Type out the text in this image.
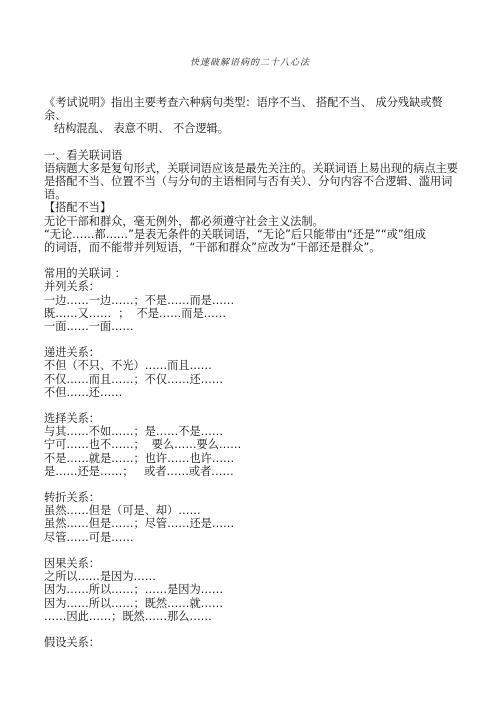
快速破解语病的二十八心法

《考试说明》指出主要考查六种病句类型：语序不当、 搭配不当、 成分残缺或赘余、

结构混乱、 表意不明、 不合逻辑。

一、看关联词语

语病题大多是复句形式，关联词语应该是最先关注的。关联词语上易出现的病点主要

是搭配不当、位置不当（与分句的主语相同与否有关）、分句内容不合逻辑、滥用词

语。

【搭配不当】

无论干部和群众，毫无例外，都必须遵守社会主义法制。

“无论……都……”是表无条件的关联词语，“无论”后只能带由“还是”“或”组成

的词语，而不能带并列短语，“干部和群众”应改为“干部还是群众”。

常用的关联词 ：

并列关系：

一边……一边……；不是……而是……

既……又……  ；  不是……而是……

一面……一面……

递进关系：

不但（不只、不光）……而且……

不仅……而且……；不仅……还……

不但……还……

选择关系：

与其……不如……；是……不是……

宁可……也不……；  要么……要么……

不是……就是……；也许……也许……

是……还是……；   或者……或者……

转折关系：

虽然……但是（可是、却）……

虽然……但是……；尽管……还是……

尽管……可是……

因果关系：

之所以……是因为……

因为……所以……；……是因为……

因为……所以……；既然……就……

……因此……；既然……那么……

假设关系：
